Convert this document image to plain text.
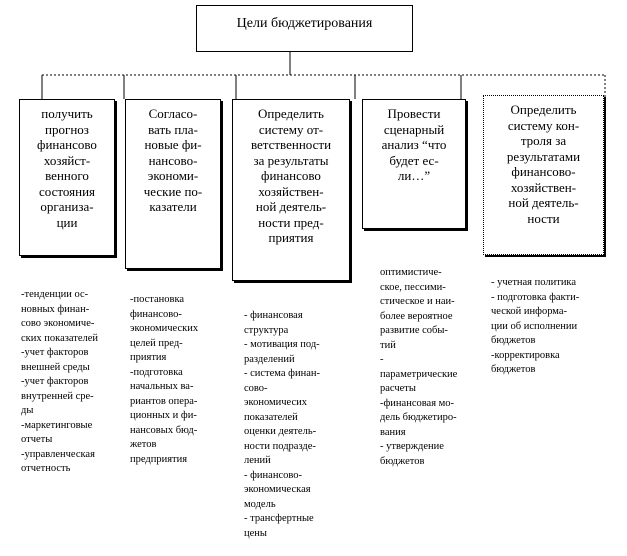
Цели бюджетирования
получить
прогноз
финансово
хозяйст-
венного
состояния
организа-
ции
Согласо-
вать пла-
новые фи-
нансово-
экономи-
ческие по-
казатели
Определить
систему от-
ветственности
за результаты
финансово
хозяйствен-
ной деятель-
ности пред-
приятия
Провести
сценарный
анализ “что
будет ес-
ли…”
Определить
систему кон-
троля за
результатами
финансово-
хозяйствен-
ной деятель-
ности
-тенденции ос-
новных финан-
сово экономиче-
ских показателей
-учет факторов
внешней среды
-учет факторов
внутренней сре-
ды
-маркетинговые
отчеты
-управленческая
отчетность
-постановка
финансово-
экономических
целей пред-
приятия
-подготовка
начальных ва-
риантов опера-
ционных и фи-
нансовых бюд-
жетов
предприятия
- финансовая
структура
- мотивация под-
разделений
- система финан-
сово-
экономичесих
показателей
оценки деятель-
ности подразде-
лений
- финансово-
экономическая
модель
- трансфертные
цены
оптимистиче-
ское, пессими-
стическое и наи-
более вероятное
развитие собы-
тий
-
параметрические
расчеты
-финансовая мо-
дель бюджетиро-
вания
- утверждение
бюджетов
- учетная политика
- подготовка факти-
ческой информа-
ции об исполнении
бюджетов
-корректировка
бюджетов
